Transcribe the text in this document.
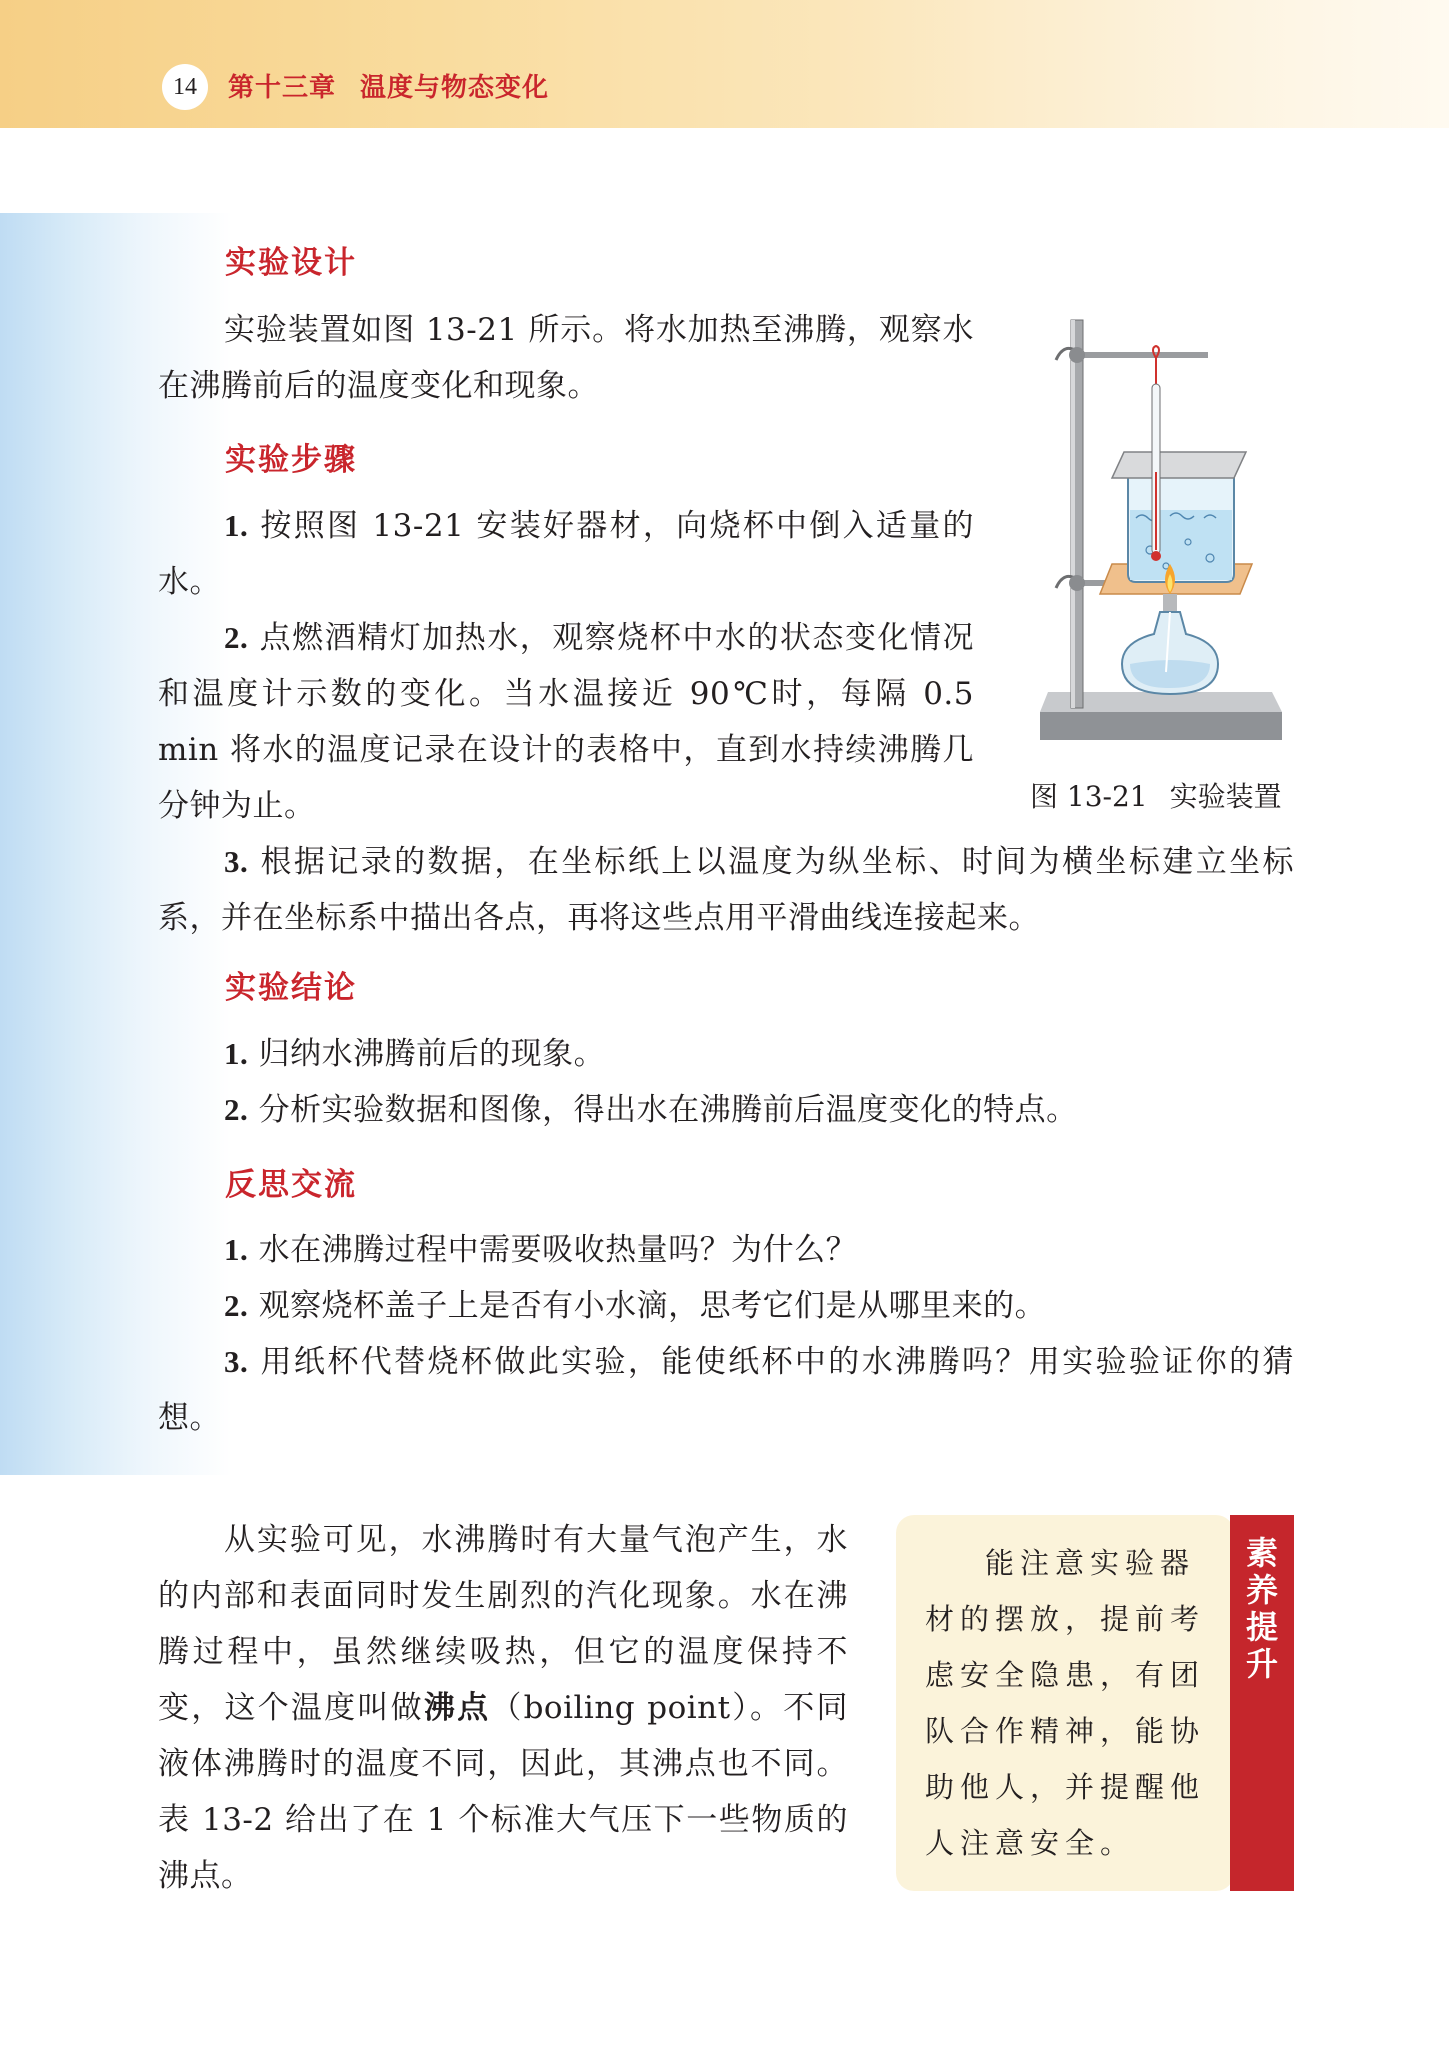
14	第十三章 温度与物态变化
实验设计

实验装置如图 13-21 所示。将水加热至沸腾，观察水在沸腾前后的温度变化和现象。

实验步骤

1. 按照图 13-21 安装好器材，向烧杯中倒入适量的水。

2. 点燃酒精灯加热水，观察烧杯中水的状态变化情况和温度计示数的变化。当水温接近 90℃时，每隔 0.5 min 将水的温度记录在设计的表格中，直到水持续沸腾几分钟为止。

3. 根据记录的数据，在坐标纸上以温度为纵坐标、时间为横坐标建立坐标系，并在坐标系中描出各点，再将这些点用平滑曲线连接起来。

图 13-21 实验装置
实验结论

1. 归纳水沸腾前后的现象。

2. 分析实验数据和图像，得出水在沸腾前后温度变化的特点。

反思交流

1. 水在沸腾过程中需要吸收热量吗？为什么？

2. 观察烧杯盖子上是否有小水滴，思考它们是从哪里来的。

3. 用纸杯代替烧杯做此实验，能使纸杯中的水沸腾吗？用实验验证你的猜想。

从实验可见，水沸腾时有大量气泡产生，水的内部和表面同时发生剧烈的汽化现象。水在沸腾过程中，虽然继续吸热，但它的温度保持不变，这个温度叫做沸点（boiling point）。不同液体沸腾时的温度不同，因此，其沸点也不同。表 13-2 给出了在 1 个标准大气压下一些物质的沸点。

能注意实验器材的摆放，提前考虑安全隐患，有团队合作精神，能协助他人，并提醒他人注意安全。

素养提升
